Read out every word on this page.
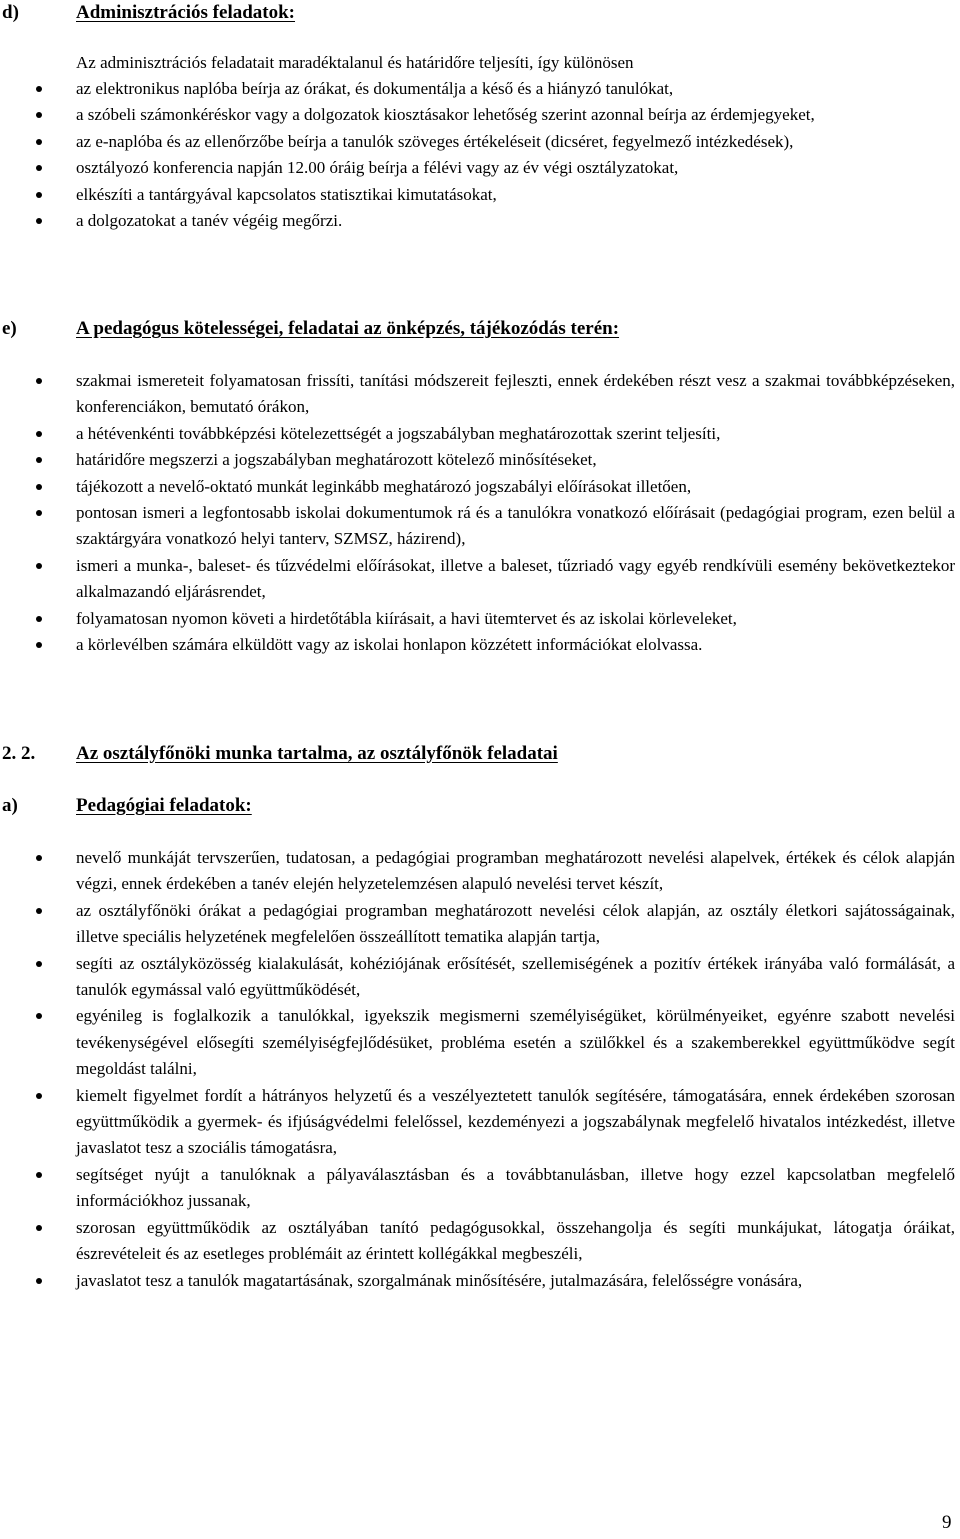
d)	Adminisztrációs feladatok:
Az adminisztrációs feladatait maradéktalanul és határidőre teljesíti, így különösen
az elektronikus naplóba beírja az órákat, és dokumentálja a késő és a hiányzó tanulókat,
a szóbeli számonkéréskor vagy a dolgozatok kiosztásakor lehetőség szerint azonnal beírja az érdemjegyeket,
az e-naplóba és az ellenőrzőbe beírja a tanulók szöveges értékeléseit (dicséret, fegyelmező intézkedések),
osztályozó konferencia napján 12.00 óráig beírja a félévi vagy az év végi osztályzatokat,
elkészíti a tantárgyával kapcsolatos statisztikai kimutatásokat,
a dolgozatokat a tanév végéig megőrzi.
e)	A pedagógus kötelességei, feladatai az önképzés, tájékozódás terén:
szakmai ismereteit folyamatosan frissíti, tanítási módszereit fejleszti, ennek érdekében részt vesz a szakmai továbbképzéseken, konferenciákon, bemutató órákon,
a hétévenkénti továbbképzési kötelezettségét a jogszabályban meghatározottak szerint teljesíti,
határidőre megszerzi a jogszabályban meghatározott kötelező minősítéseket,
tájékozott a nevelő-oktató munkát leginkább meghatározó jogszabályi előírásokat illetően,
pontosan ismeri a legfontosabb iskolai dokumentumok rá és a tanulókra vonatkozó előírásait (pedagógiai program, ezen belül a szaktárgyára vonatkozó helyi tanterv, SZMSZ, házirend),
ismeri a munka-, baleset- és tűzvédelmi előírásokat, illetve a baleset, tűzriadó vagy egyéb rendkívüli esemény bekövetkeztekor alkalmazandó eljárásrendet,
folyamatosan nyomon követi a hirdetőtábla kiírásait, a havi ütemtervet és az iskolai körleveleket,
a körlevélben számára elküldött vagy az iskolai honlapon közzétett információkat elolvassa.
2. 2. Az osztályfőnöki munka tartalma, az osztályfőnök feladatai
a)	Pedagógiai feladatok:
nevelő munkáját tervszerűen, tudatosan, a pedagógiai programban meghatározott nevelési alapelvek, értékek és célok alapján végzi, ennek érdekében a tanév elején helyzetelemzésen alapuló nevelési tervet készít,
az osztályfőnöki órákat a pedagógiai programban meghatározott nevelési célok alapján, az osztály életkori sajátosságainak, illetve speciális helyzetének megfelelően összeállított tematika alapján tartja,
segíti az osztályközösség kialakulását, kohéziójának erősítését, szellemiségének a pozitív értékek irányába való formálását, a tanulók egymással való együttműködését,
egyénileg is foglalkozik a tanulókkal, igyekszik megismerni személyiségüket, körülményeiket, egyénre szabott nevelési tevékenységével elősegíti személyiségfejlődésüket, probléma esetén a szülőkkel és a szakemberekkel együttműködve segít megoldást találni,
kiemelt figyelmet fordít a hátrányos helyzetű és a veszélyeztetett tanulók segítésére, támogatására, ennek érdekében szorosan együttműködik a gyermek- és ifjúságvédelmi felelőssel, kezdeményezi a jogszabálynak megfelelő hivatalos intézkedést, illetve javaslatot tesz a szociális támogatásra,
segítséget nyújt a tanulóknak a pályaválasztásban és a továbbtanulásban, illetve hogy ezzel kapcsolatban megfelelő információkhoz jussanak,
szorosan együttműködik az osztályában tanító pedagógusokkal, összehangolja és segíti munkájukat, látogatja óráikat, észrevételeit és az esetleges problémáit az érintett kollégákkal megbeszéli,
javaslatot tesz a tanulók magatartásának, szorgalmának minősítésére, jutalmazására, felelősségre vonására,
9
